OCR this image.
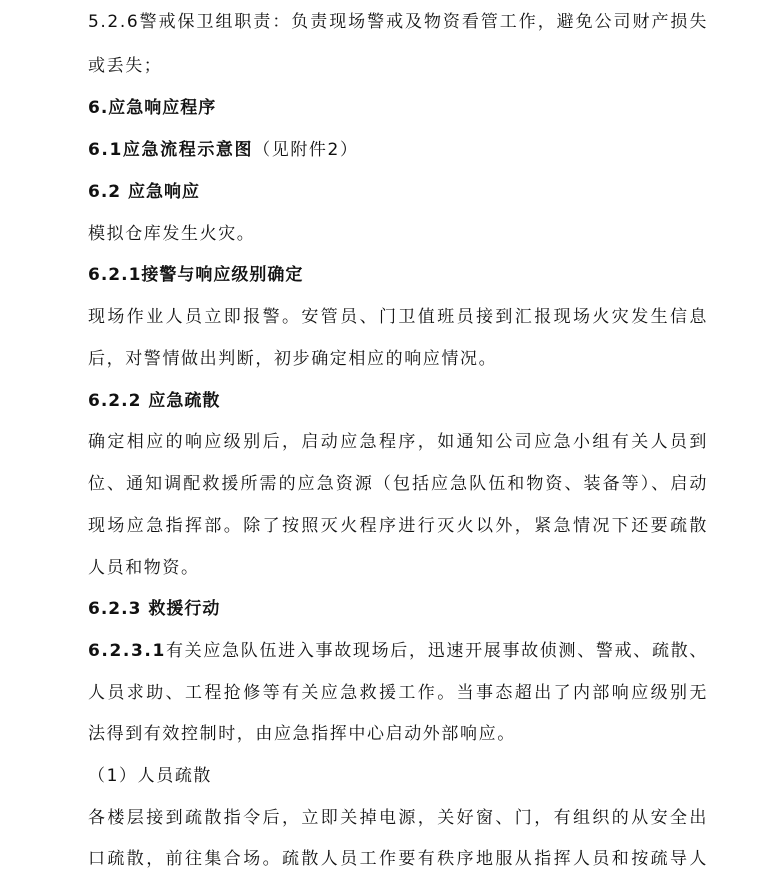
5.2.6警戒保卫组职责：负责现场警戒及物资看管工作，避免公司财产损失
或丢失；
6.应急响应程序
6.1应急流程示意图（见附件2）
6.2 应急响应
模拟仓库发生火灾。
6.2.1接警与响应级别确定
现场作业人员立即报警。安管员、门卫值班员接到汇报现场火灾发生信息
后，对警情做出判断，初步确定相应的响应情况。
6.2.2 应急疏散
确定相应的响应级别后，启动应急程序，如通知公司应急小组有关人员到
位、通知调配救援所需的应急资源（包括应急队伍和物资、装备等）、启动
现场应急指挥部。除了按照灭火程序进行灭火以外，紧急情况下还要疏散
人员和物资。
6.2.3 救援行动
6.2.3.1有关应急队伍进入事故现场后，迅速开展事故侦测、警戒、疏散、
人员求助、工程抢修等有关应急救援工作。当事态超出了内部响应级别无
法得到有效控制时，由应急指挥中心启动外部响应。
（1）人员疏散
各楼层接到疏散指令后，立即关掉电源，关好窗、门，有组织的从安全出
口疏散，前往集合场。疏散人员工作要有秩序地服从指挥人员和按疏导人
